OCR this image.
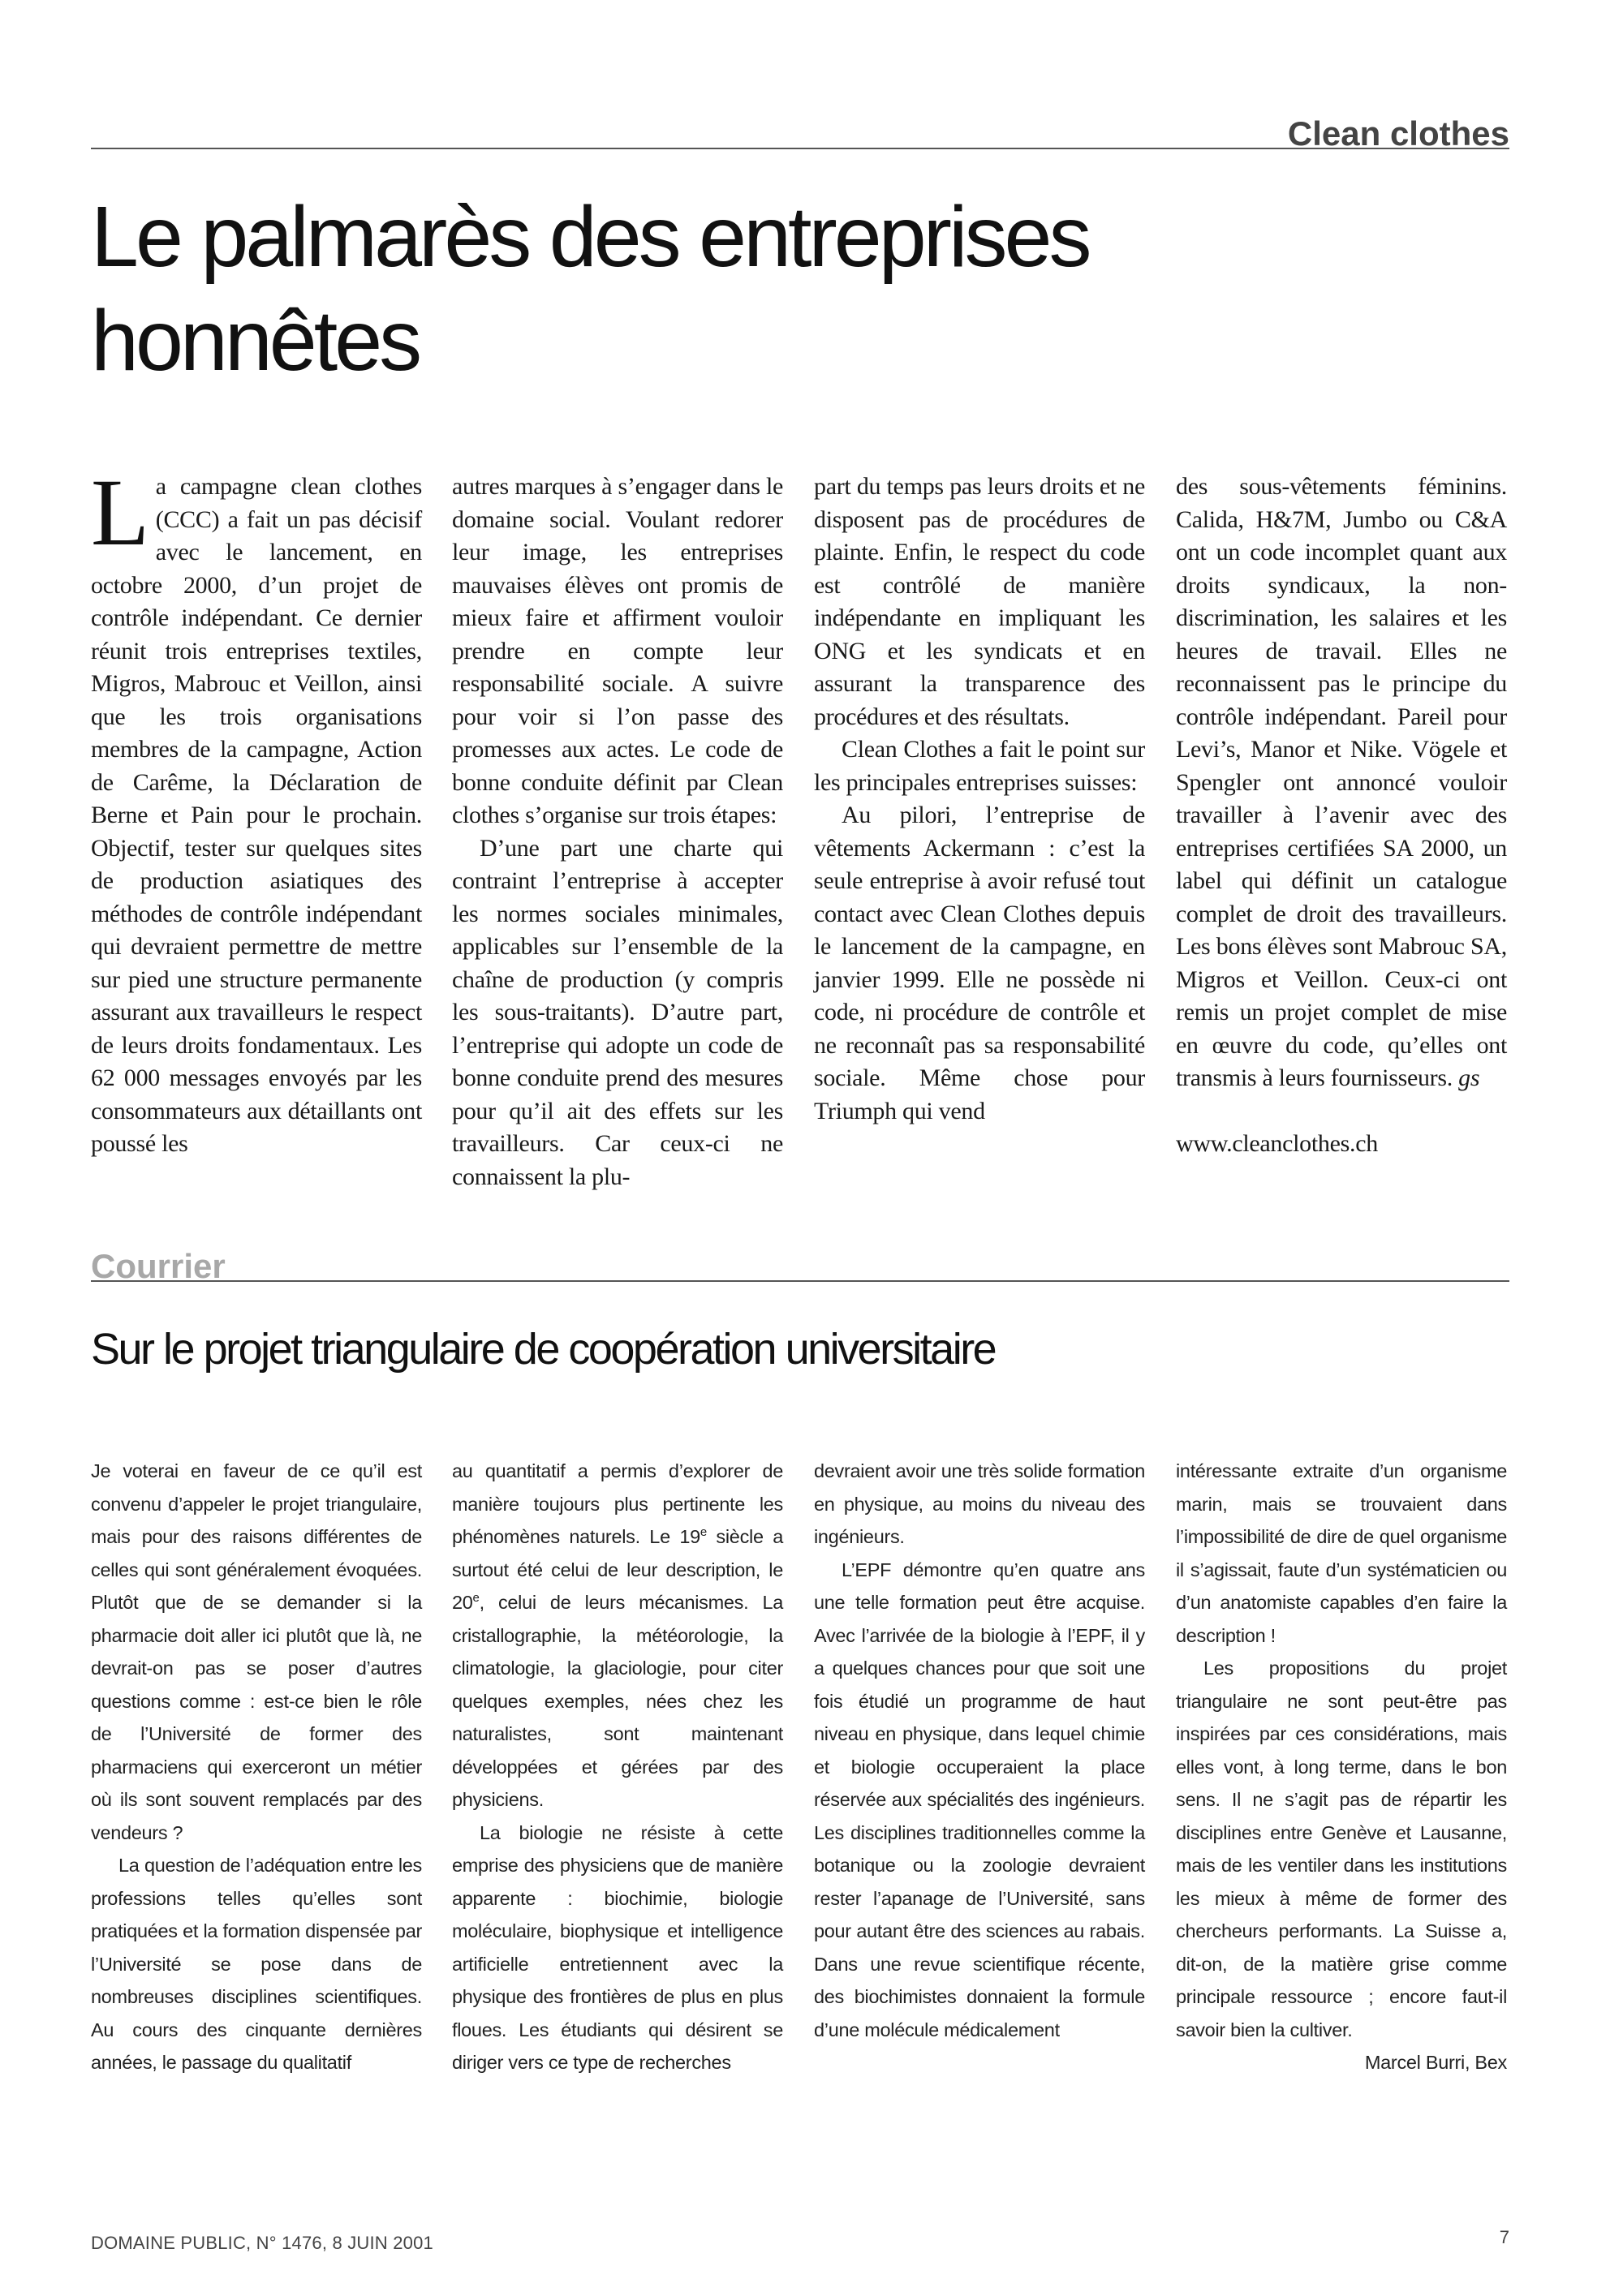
Clean clothes
Le palmarès des entreprises
honnêtes

La campagne clean clothes (CCC) a fait un pas décisif avec le lancement, en octobre 2000, d’un projet de contrôle indépendant. Ce dernier réunit trois entreprises textiles, Migros, Mabrouc et Veillon, ainsi que les trois organisations membres de la campagne, Action de Carême, la Déclaration de Berne et Pain pour le prochain. Objectif, tester sur quelques sites de production asiatiques des méthodes de contrôle indépendant qui devraient permettre de mettre sur pied une structure permanente assurant aux travailleurs le respect de leurs droits fondamentaux. Les 62 000 messages envoyés par les consommateurs aux détaillants ont poussé les

autres marques à s’engager dans le domaine social. Voulant redorer leur image, les entreprises mauvaises élèves ont promis de mieux faire et affirment vouloir prendre en compte leur responsabilité sociale. A suivre pour voir si l’on passe des promesses aux actes. Le code de bonne conduite définit par Clean clothes s’organise sur trois étapes:

D’une part une charte qui contraint l’entreprise à accepter les normes sociales minimales, applicables sur l’ensemble de la chaîne de production (y compris les sous-traitants). D’autre part, l’entreprise qui adopte un code de bonne conduite prend des mesures pour qu’il ait des effets sur les travailleurs. Car ceux-ci ne connaissent la plu-

part du temps pas leurs droits et ne disposent pas de procédures de plainte. Enfin, le respect du code est contrôlé de manière indépendante en impliquant les ONG et les syndicats et en assurant la transparence des procédures et des résultats.

Clean Clothes a fait le point sur les principales entreprises suisses:

Au pilori, l’entreprise de vêtements Ackermann : c’est la seule entreprise à avoir refusé tout contact avec Clean Clothes depuis le lancement de la campagne, en janvier 1999. Elle ne possède ni code, ni procédure de contrôle et ne reconnaît pas sa responsabilité sociale. Même chose pour Triumph qui vend

des sous-vêtements féminins. Calida, H&7M, Jumbo ou C&A ont un code incomplet quant aux droits syndicaux, la non-discrimination, les salaires et les heures de travail. Elles ne reconnaissent pas le principe du contrôle indépendant. Pareil pour Levi’s, Manor et Nike. Vögele et Spengler ont annoncé vouloir travailler à l’avenir avec des entreprises certifiées SA 2000, un label qui définit un catalogue complet de droit des travailleurs. Les bons élèves sont Mabrouc SA, Migros et Veillon. Ceux-ci ont remis un projet complet de mise en œuvre du code, qu’elles ont transmis à leurs fournisseurs. gs

www.cleanclothes.ch

Courrier
Sur le projet triangulaire de coopération universitaire

Je voterai en faveur de ce qu’il est convenu d’appeler le projet triangulaire, mais pour des raisons différentes de celles qui sont généralement évoquées. Plutôt que de se demander si la pharmacie doit aller ici plutôt que là, ne devrait-on pas se poser d’autres questions comme : est-ce bien le rôle de l’Université de former des pharmaciens qui exerceront un métier où ils sont souvent remplacés par des vendeurs ?

La question de l’adéquation entre les professions telles qu’elles sont pratiquées et la formation dispensée par l’Université se pose dans de nombreuses disciplines scientifiques. Au cours des cinquante dernières années, le passage du qualitatif

au quantitatif a permis d’explorer de manière toujours plus pertinente les phénomènes naturels. Le 19e siècle a surtout été celui de leur description, le 20e, celui de leurs mécanismes. La cristallographie, la météorologie, la climatologie, la glaciologie, pour citer quelques exemples, nées chez les naturalistes, sont maintenant développées et gérées par des physiciens.

La biologie ne résiste à cette emprise des physiciens que de manière apparente : biochimie, biologie moléculaire, biophysique et intelligence artificielle entretiennent avec la physique des frontières de plus en plus floues. Les étudiants qui désirent se diriger vers ce type de recherches

devraient avoir une très solide formation en physique, au moins du niveau des ingénieurs.

L’EPF démontre qu’en quatre ans une telle formation peut être acquise. Avec l’arrivée de la biologie à l’EPF, il y a quelques chances pour que soit une fois étudié un programme de haut niveau en physique, dans lequel chimie et biologie occuperaient la place réservée aux spécialités des ingénieurs. Les disciplines traditionnelles comme la botanique ou la zoologie devraient rester l’apanage de l’Université, sans pour autant être des sciences au rabais. Dans une revue scientifique récente, des biochimistes donnaient la formule d’une molécule médicalement

intéressante extraite d’un organisme marin, mais se trouvaient dans l’impossibilité de dire de quel organisme il s’agissait, faute d’un systématicien ou d’un anatomiste capables d’en faire la description !

Les propositions du projet triangulaire ne sont peut-être pas inspirées par ces considérations, mais elles vont, à long terme, dans le bon sens. Il ne s’agit pas de répartir les disciplines entre Genève et Lausanne, mais de les ventiler dans les institutions les mieux à même de former des chercheurs performants. La Suisse a, dit-on, de la matière grise comme principale ressource ; encore faut-il savoir bien la cultiver.

Marcel Burri, Bex

DOMAINE PUBLIC, N° 1476, 8 JUIN 2001	7
